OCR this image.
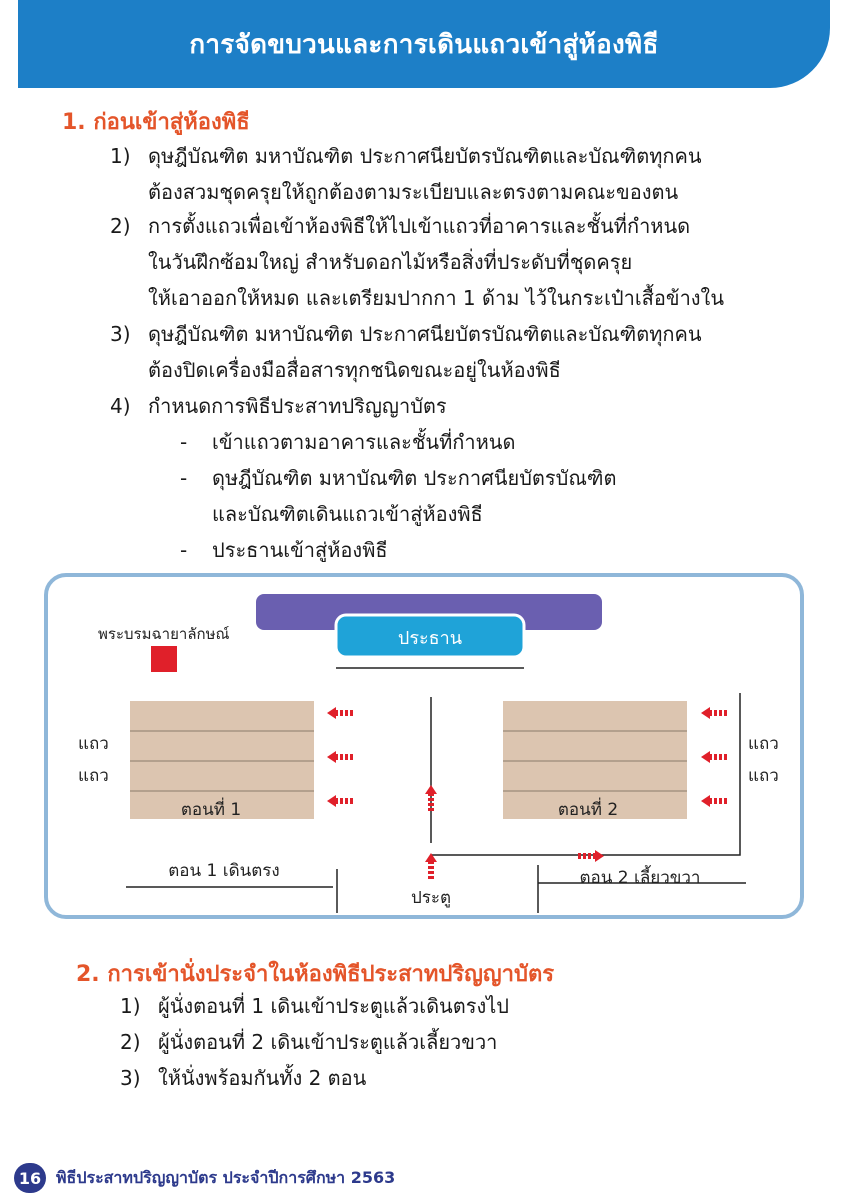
การจัดขบวนและการเดินแถวเข้าสู่ห้องพิธี
1. ก่อนเข้าสู่ห้องพิธี
1) ดุษฎีบัณฑิต มหาบัณฑิต ประกาศนียบัตรบัณฑิตและบัณฑิตทุกคน
ต้องสวมชุดครุยให้ถูกต้องตามระเบียบและตรงตามคณะของตน
2) การตั้งแถวเพื่อเข้าห้องพิธีให้ไปเข้าแถวที่อาคารและชั้นที่กำหนด
ในวันฝึกซ้อมใหญ่ สำหรับดอกไม้หรือสิ่งที่ประดับที่ชุดครุย
ให้เอาออกให้หมด และเตรียมปากกา 1 ด้าม ไว้ในกระเป๋าเสื้อข้างใน
3) ดุษฎีบัณฑิต มหาบัณฑิต ประกาศนียบัตรบัณฑิตและบัณฑิตทุกคน
ต้องปิดเครื่องมือสื่อสารทุกชนิดขณะอยู่ในห้องพิธี
4) กำหนดการพิธีประสาทปริญญาบัตร
- เข้าแถวตามอาคารและชั้นที่กำหนด
- ดุษฎีบัณฑิต มหาบัณฑิต ประกาศนียบัตรบัณฑิต
และบัณฑิตเดินแถวเข้าสู่ห้องพิธี
- ประธานเข้าสู่ห้องพิธี
ประธาน
พระบรมฉายาลักษณ์
ตอนที่ 1	ตอนที่ 2
แถว
แถว
แถว
แถว
ตอน 1 เดินตรง	ตอน 2 เลี้ยวขวา
ประตู
2. การเข้านั่งประจำในห้องพิธีประสาทปริญญาบัตร
1) ผู้นั่งตอนที่ 1 เดินเข้าประตูแล้วเดินตรงไป
2) ผู้นั่งตอนที่ 2 เดินเข้าประตูแล้วเลี้ยวขวา
3) ให้นั่งพร้อมกันทั้ง 2 ตอน
16 พิธีประสาทปริญญาบัตร ประจำปีการศึกษา 2563
